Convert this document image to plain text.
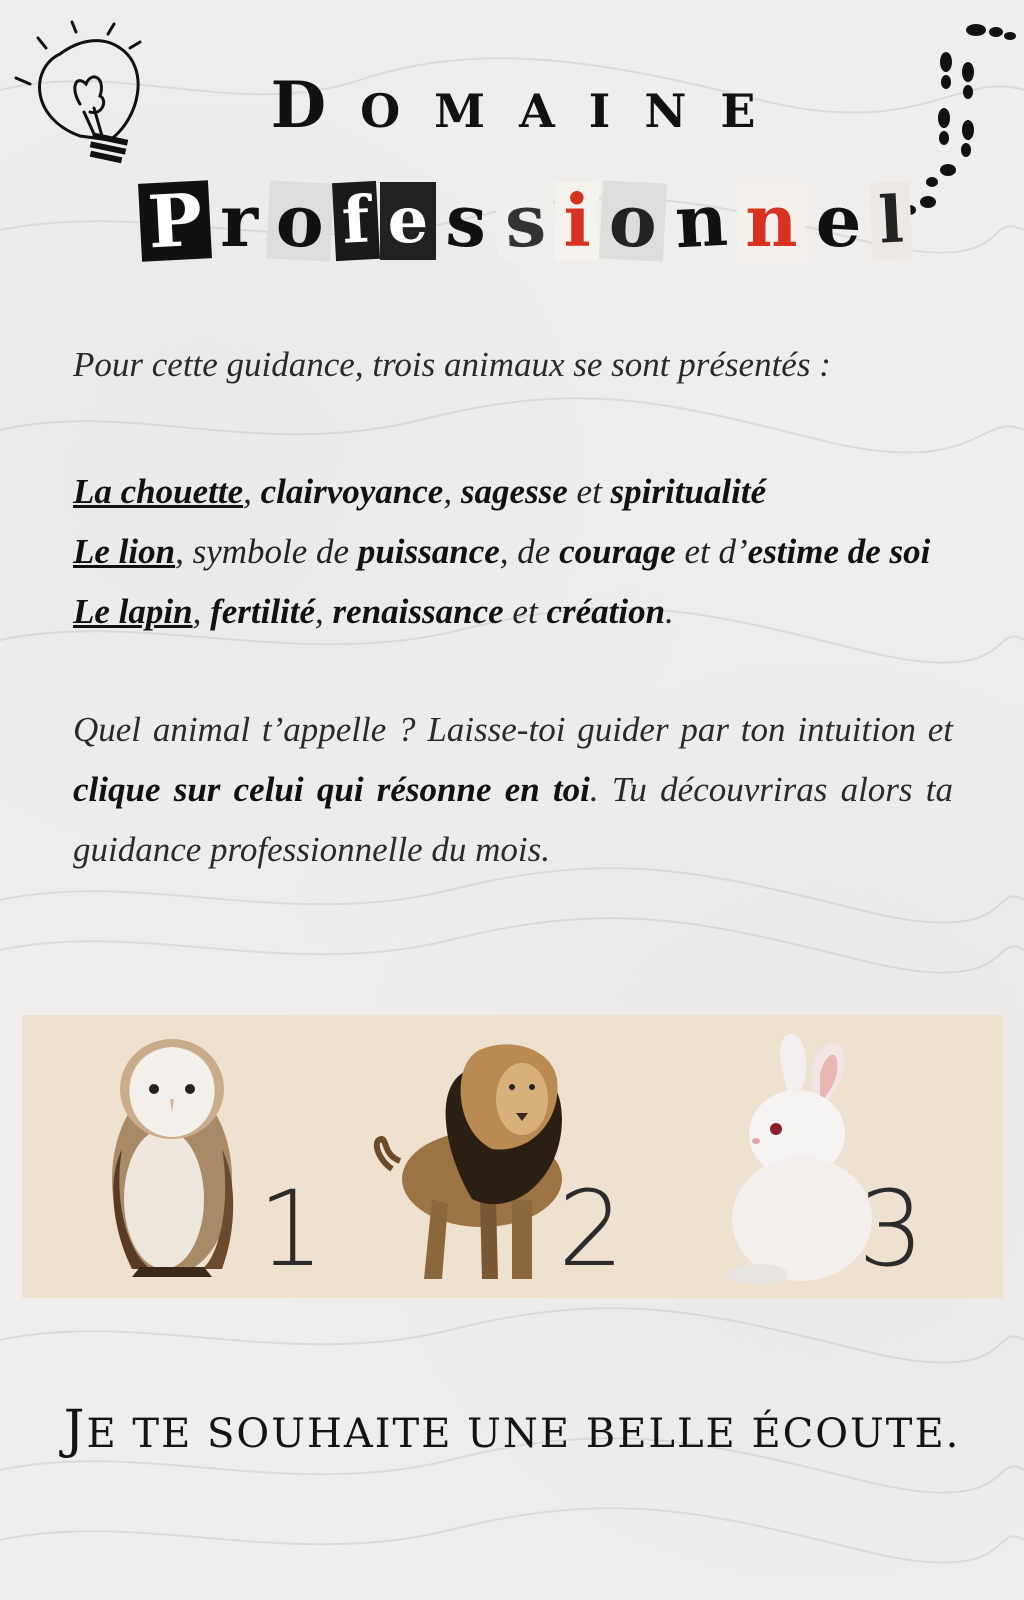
DOMAINE
P r o f e s s i o n n e l
Pour cette guidance, trois animaux se sont présentés :
La chouette, clairvoyance, sagesse et spiritualité
Le lion, symbole de puissance, de courage et d’estime de soi
Le lapin, fertilité, renaissance et création.
Quel animal t’appelle ? Laisse-toi guider par ton intuition et clique sur celui qui résonne en toi. Tu découvriras alors ta guidance professionnelle du mois.
1 2 3
JE TE SOUHAITE UNE BELLE ÉCOUTE.
